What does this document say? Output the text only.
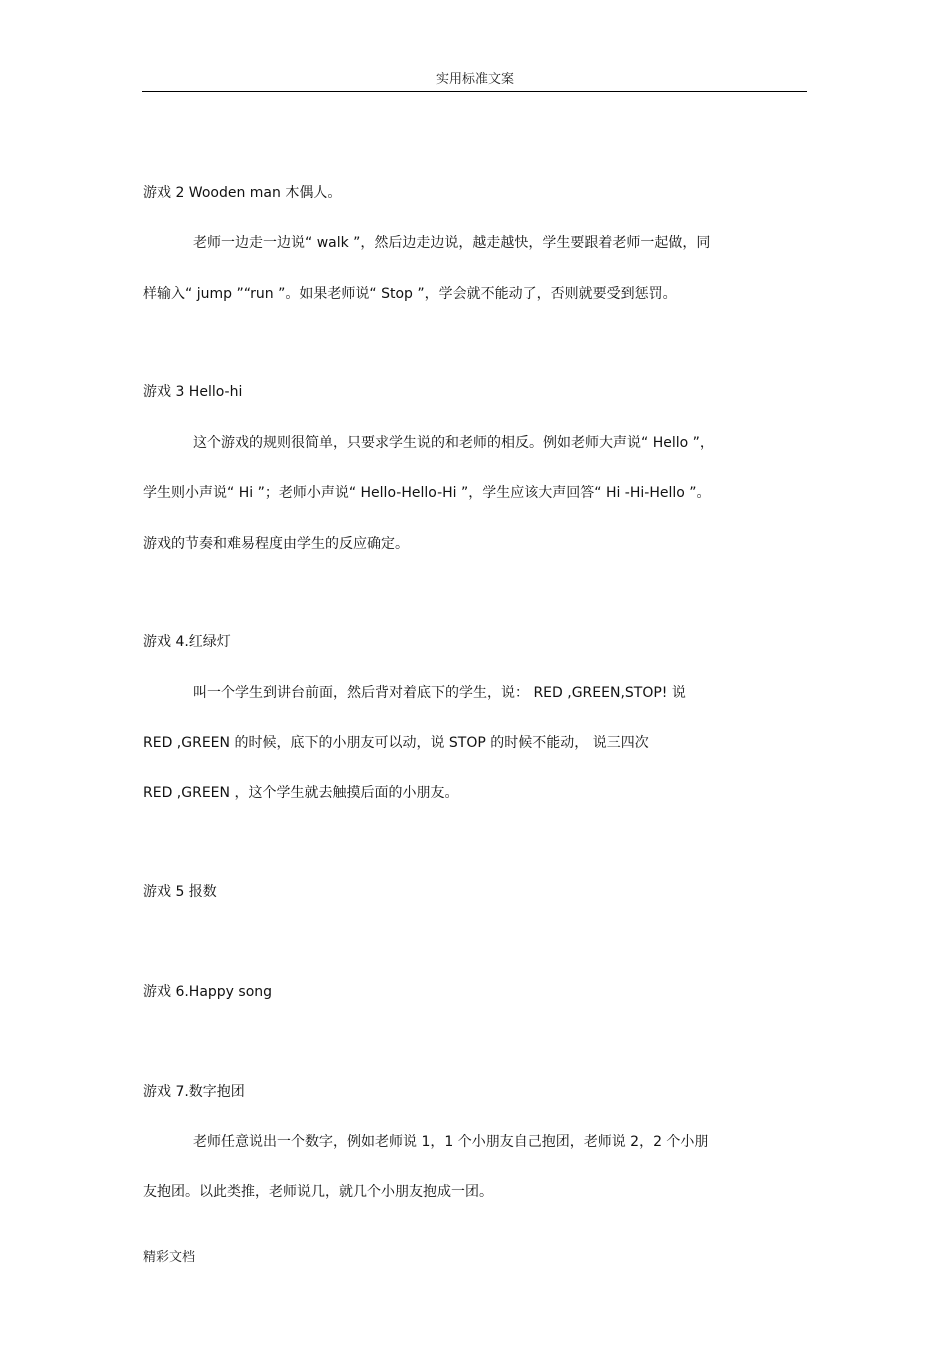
实用标准文案
游戏 2 Wooden man 木偶人。
老师一边走一边说“ walk ”，然后边走边说，越走越快，学生要跟着老师一起做，同
样输入“ jump ”“run ”。如果老师说“ Stop ”，学会就不能动了，否则就要受到惩罚。
游戏 3 Hello-hi
这个游戏的规则很简单，只要求学生说的和老师的相反。例如老师大声说“ Hello ”，
学生则小声说“ Hi ”；老师小声说“ Hello-Hello-Hi ”，学生应该大声回答“ Hi -Hi-Hello ”。
游戏的节奏和难易程度由学生的反应确定。
游戏 4.红绿灯
叫一个学生到讲台前面，然后背对着底下的学生，说： RED ,GREEN,STOP! 说
RED ,GREEN 的时候，底下的小朋友可以动，说 STOP 的时候不能动， 说三四次
RED ,GREEN ，这个学生就去触摸后面的小朋友。
游戏 5 报数
游戏 6.Happy song
游戏 7.数字抱团
老师任意说出一个数字，例如老师说 1，1 个小朋友自己抱团，老师说 2，2 个小朋
友抱团。以此类推，老师说几，就几个小朋友抱成一团。
精彩文档
